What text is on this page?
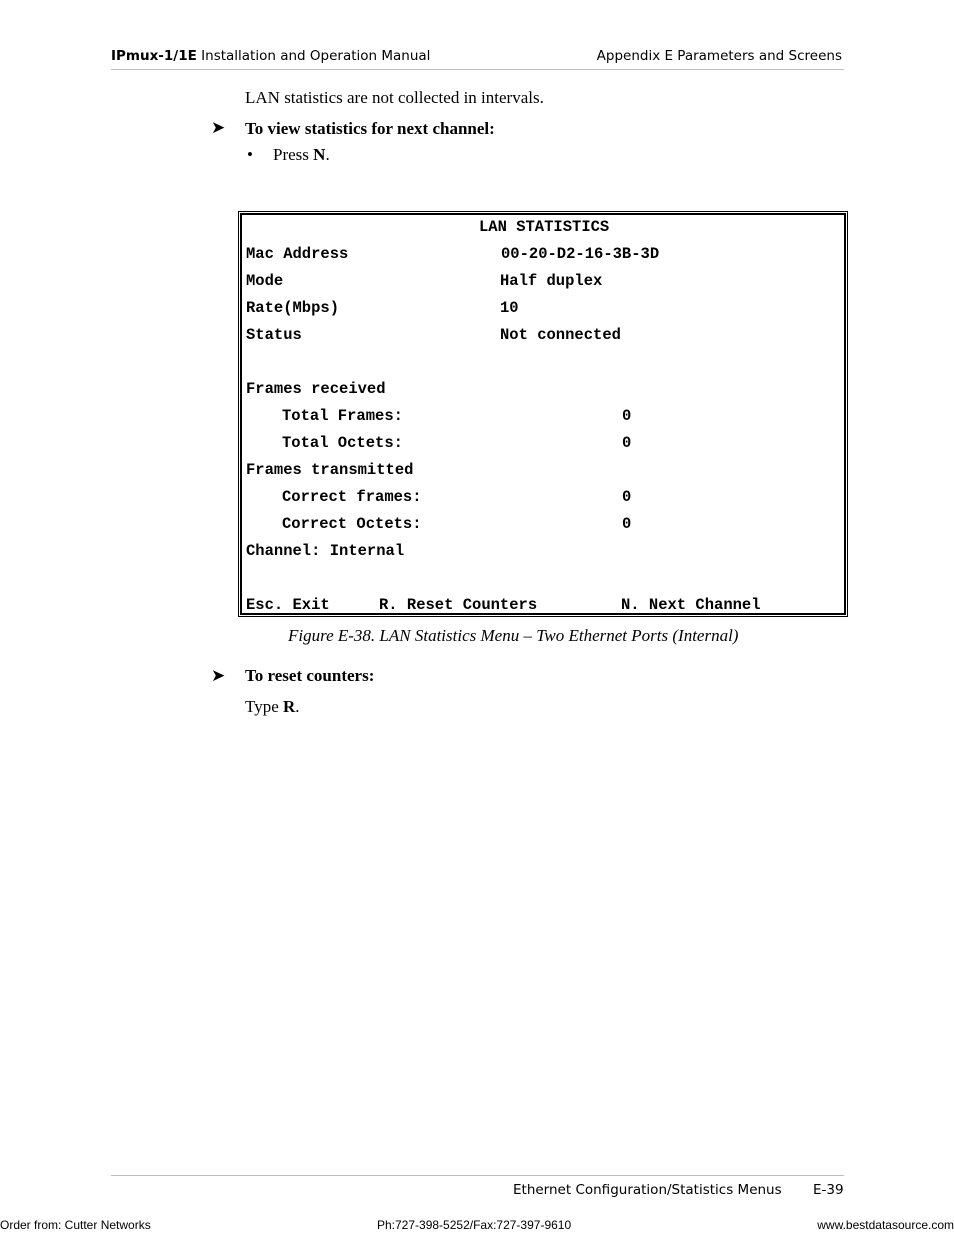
IPmux-1/1E Installation and Operation Manual	Appendix E Parameters and Screens
LAN statistics are not collected in intervals.
➤ To view statistics for next channel:
• Press N.
LAN STATISTICS
Mac Address	00-20-D2-16-3B-3D
Mode	Half duplex
Rate(Mbps)	10
Status	Not connected
Frames received
Total Frames:	0
Total Octets:	0
Frames transmitted
Correct frames:	0
Correct Octets:	0
Channel: Internal
Esc. Exit	R. Reset Counters	N. Next Channel
Figure E-38. LAN Statistics Menu – Two Ethernet Ports (Internal)
➤ To reset counters:
Type R.
Ethernet Configuration/Statistics Menus E-39
Order from: Cutter Networks	Ph:727-398-5252/Fax:727-397-9610	www.bestdatasource.com
